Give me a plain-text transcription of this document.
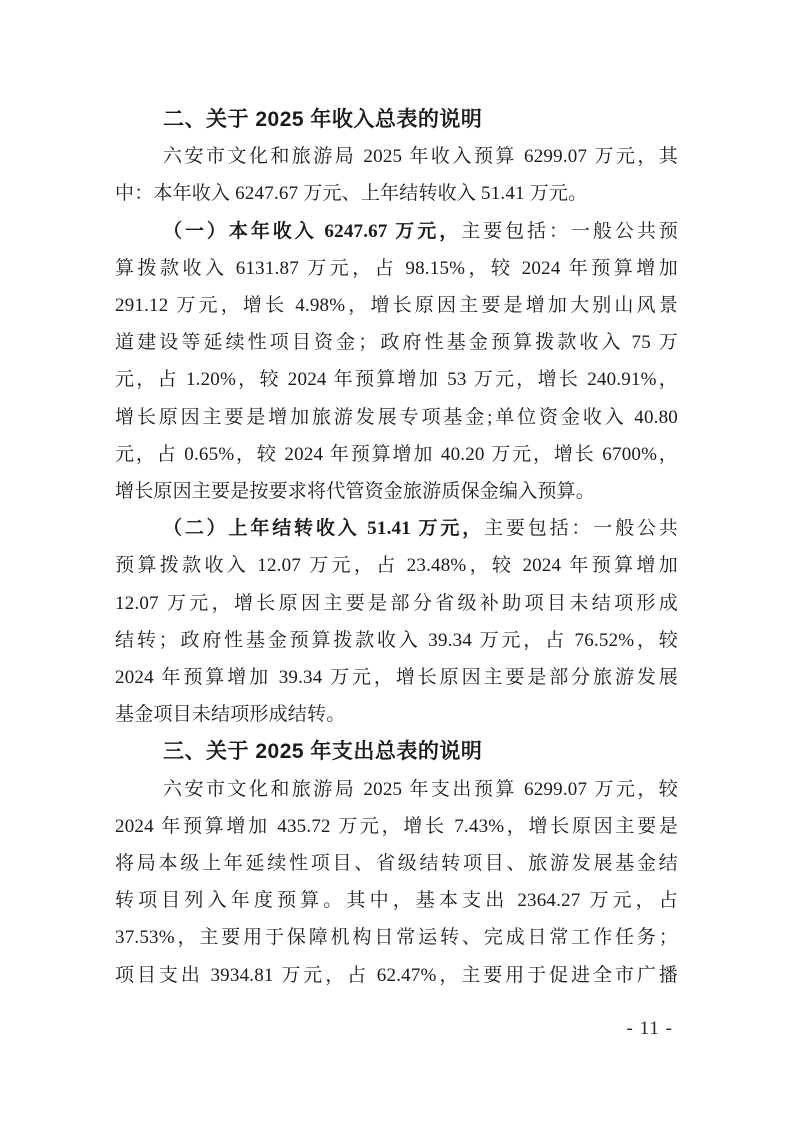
二、关于 2025 年收入总表的说明
六安市文化和旅游局 2025 年收入预算 6299.07 万元，其
中：本年收入 6247.67 万元、上年结转收入 51.41 万元。
（一）本年收入 6247.67 万元，主要包括：一般公共预
算拨款收入 6131.87 万元，占 98.15%，较 2024 年预算增加
291.12 万元，增长 4.98%，增长原因主要是增加大别山风景
道建设等延续性项目资金；政府性基金预算拨款收入 75 万
元，占 1.20%，较 2024 年预算增加 53 万元，增长 240.91%，
增长原因主要是增加旅游发展专项基金;单位资金收入 40.80
元，占 0.65%，较 2024 年预算增加 40.20 万元，增长 6700%，
增长原因主要是按要求将代管资金旅游质保金编入预算。
（二）上年结转收入 51.41 万元，主要包括：一般公共
预算拨款收入 12.07 万元，占 23.48%，较 2024 年预算增加
12.07 万元，增长原因主要是部分省级补助项目未结项形成
结转；政府性基金预算拨款收入 39.34 万元，占 76.52%，较
2024 年预算增加 39.34 万元，增长原因主要是部分旅游发展
基金项目未结项形成结转。
三、关于 2025 年支出总表的说明
六安市文化和旅游局 2025 年支出预算 6299.07 万元，较
2024 年预算增加 435.72 万元，增长 7.43%，增长原因主要是
将局本级上年延续性项目、省级结转项目、旅游发展基金结
转项目列入年度预算。其中，基本支出 2364.27 万元，占
37.53%，主要用于保障机构日常运转、完成日常工作任务；
项目支出 3934.81 万元，占 62.47%，主要用于促进全市广播
- 11 -
